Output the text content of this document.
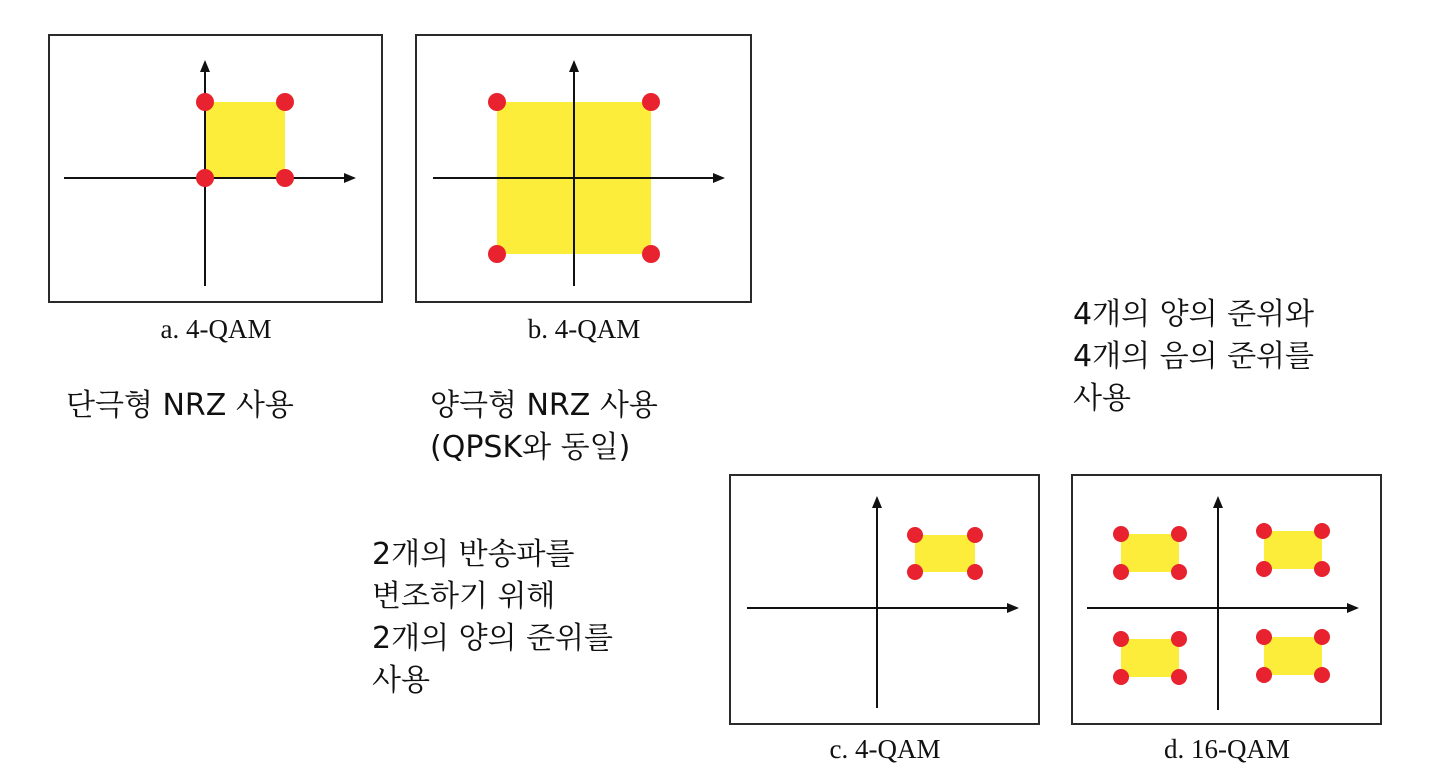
a. 4-QAM	b. 4-QAM
c. 4-QAM	d. 16-QAM
단극형 NRZ 사용	양극형 NRZ 사용
(QPSK와 동일)
2개의 반송파를
변조하기 위해
2개의 양의 준위를
사용
4개의 양의 준위와
4개의 음의 준위를
사용
